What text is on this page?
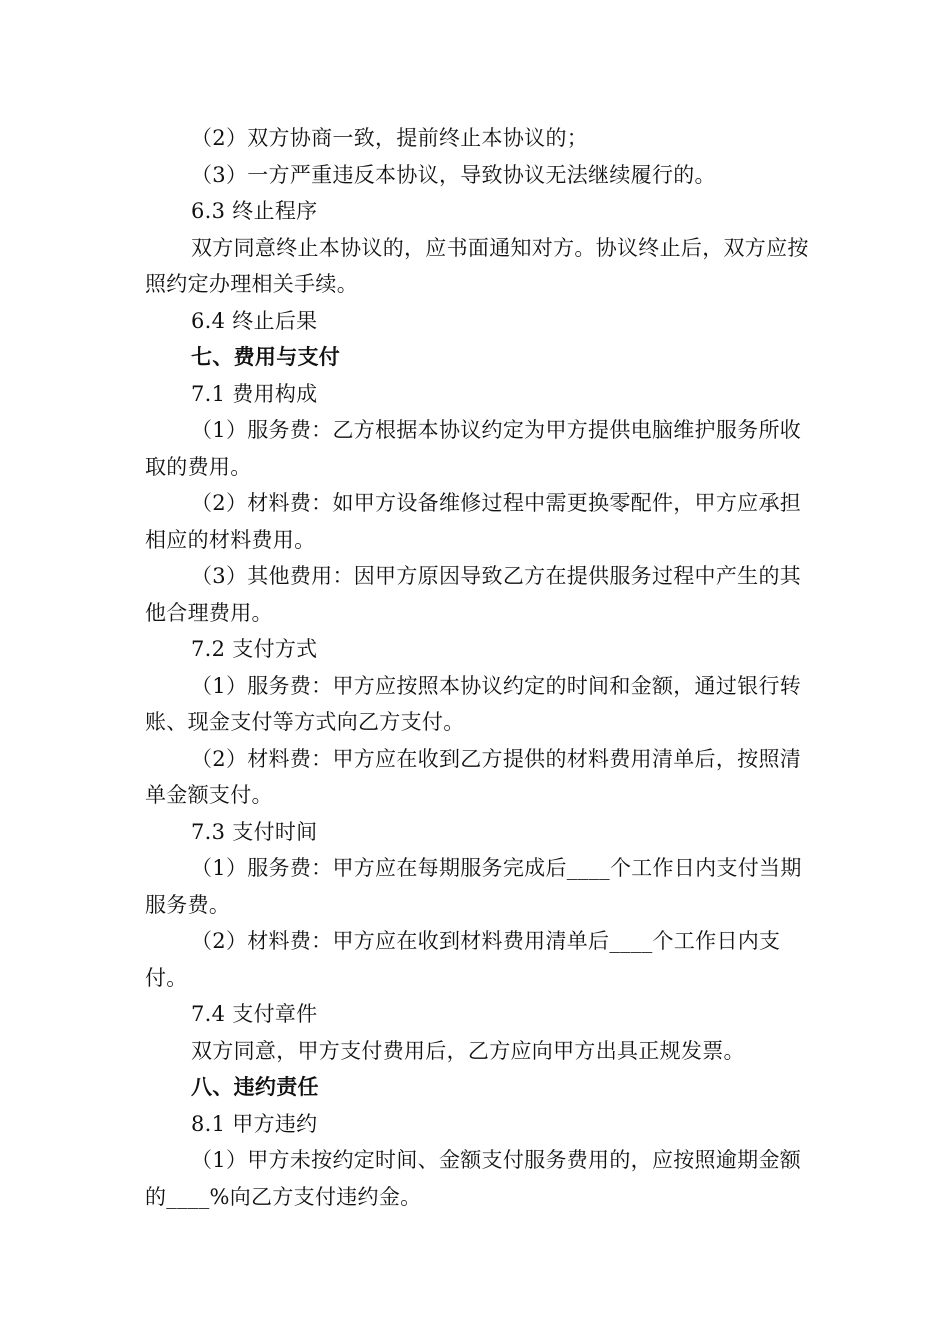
（2）双方协商一致，提前终止本协议的；

（3）一方严重违反本协议，导致协议无法继续履行的。

6.3 终止程序

双方同意终止本协议的，应书面通知对方。协议终止后，双方应按照约定办理相关手续。

6.4 终止后果

七、费用与支付

7.1 费用构成

（1）服务费：乙方根据本协议约定为甲方提供电脑维护服务所收取的费用。

（2）材料费：如甲方设备维修过程中需更换零配件，甲方应承担相应的材料费用。

（3）其他费用：因甲方原因导致乙方在提供服务过程中产生的其他合理费用。

7.2 支付方式

（1）服务费：甲方应按照本协议约定的时间和金额，通过银行转账、现金支付等方式向乙方支付。

（2）材料费：甲方应在收到乙方提供的材料费用清单后，按照清单金额支付。

7.3 支付时间

（1）服务费：甲方应在每期服务完成后____个工作日内支付当期服务费。

（2）材料费：甲方应在收到材料费用清单后____个工作日内支付。

7.4 支付章件

双方同意，甲方支付费用后，乙方应向甲方出具正规发票。

八、违约责任

8.1 甲方违约

（1）甲方未按约定时间、金额支付服务费用的，应按照逾期金额的____%向乙方支付违约金。
